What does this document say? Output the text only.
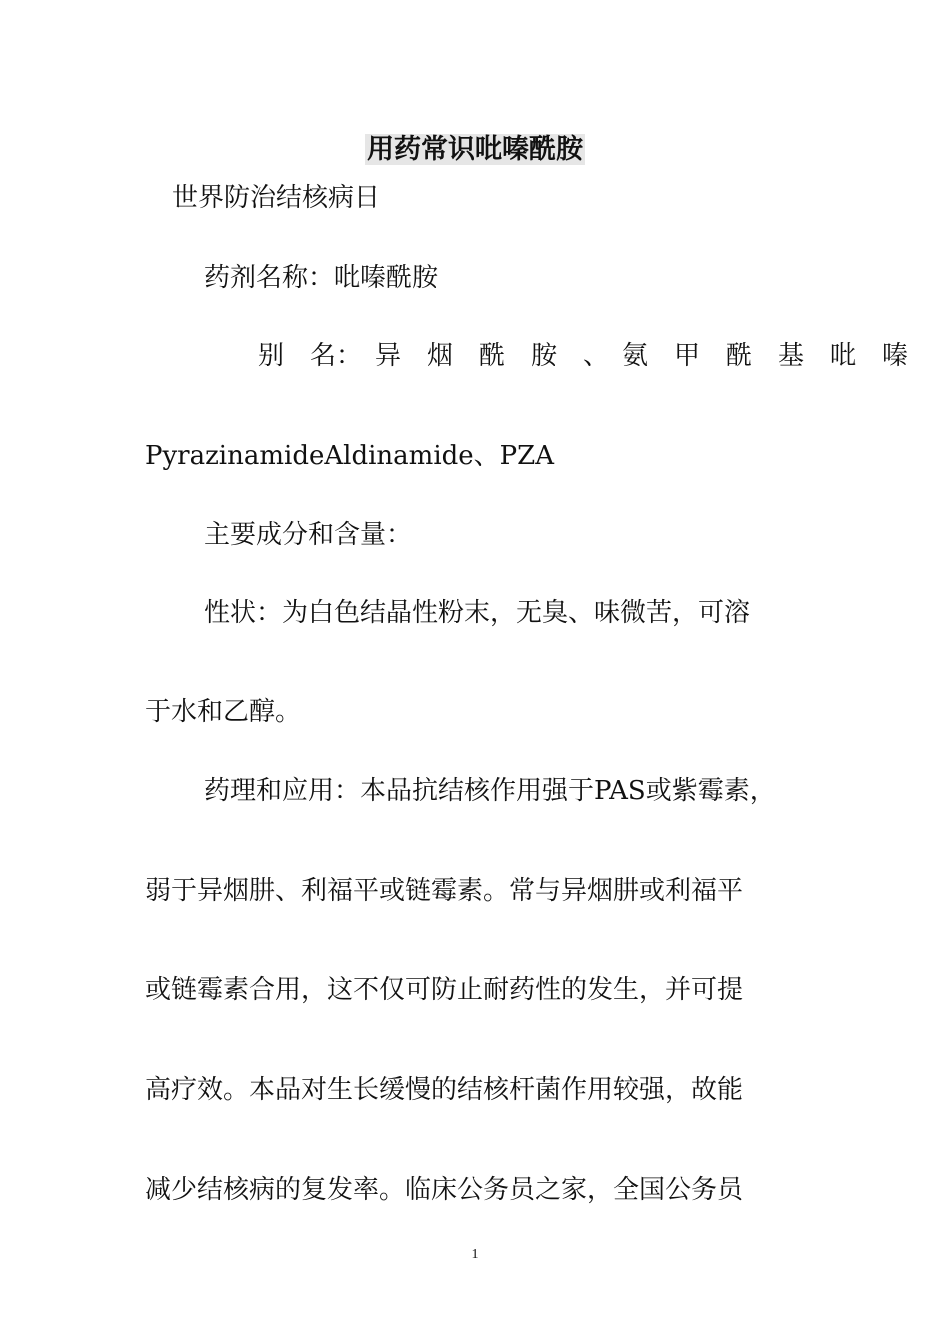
用药常识吡嗪酰胺
世界防治结核病日
药剂名称：吡嗪酰胺
别　名：　异　烟　酰　胺　、　氨　甲　酰　基　吡　嗪
PyrazinamideAldinamide、PZA
主要成分和含量：
性状：为白色结晶性粉末，无臭、味微苦，可溶
于水和乙醇。
药理和应用：本品抗结核作用强于PAS或紫霉素，
弱于异烟肼、利福平或链霉素。常与异烟肼或利福平
或链霉素合用，这不仅可防止耐药性的发生，并可提
高疗效。本品对生长缓慢的结核杆菌作用较强，故能
减少结核病的复发率。临床公务员之家，全国公务员
1
